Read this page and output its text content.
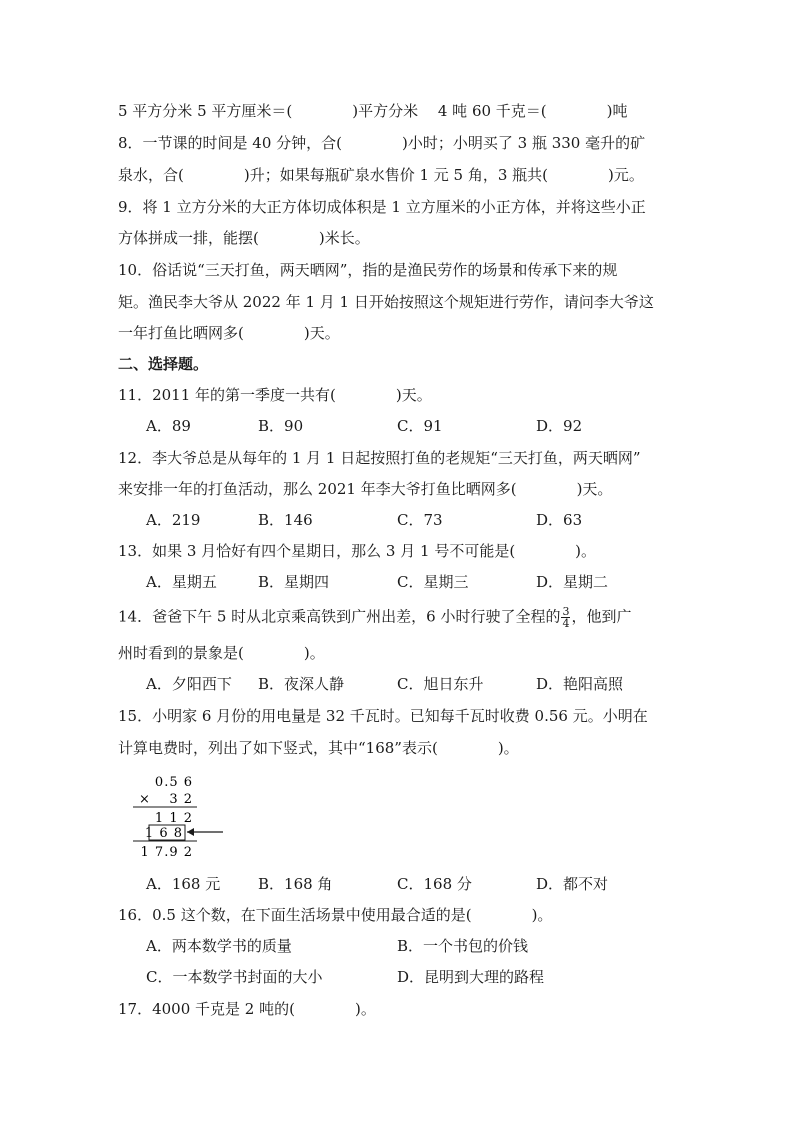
5 平方分米 5 平方厘米＝(　　　　)平方分米　 4 吨 60 千克＝(　　　　)吨
8．一节课的时间是 40 分钟，合(　　　　)小时；小明买了 3 瓶 330 毫升的矿
泉水，合(　　　　)升；如果每瓶矿泉水售价 1 元 5 角，3 瓶共(　　　　)元。
9．将 1 立方分米的大正方体切成体积是 1 立方厘米的小正方体，并将这些小正
方体拼成一排，能摆(　　　　)米长。
10．俗话说“三天打鱼，两天晒网”，指的是渔民劳作的场景和传承下来的规
矩。渔民李大爷从 2022 年 1 月 1 日开始按照这个规矩进行劳作，请问李大爷这
一年打鱼比晒网多(　　　　)天。
二、选择题。
11．2011 年的第一季度一共有(　　　　)天。
A．89	B．90	C．91	D．92
12．李大爷总是从每年的 1 月 1 日起按照打鱼的老规矩“三天打鱼，两天晒网”
来安排一年的打鱼活动，那么 2021 年李大爷打鱼比晒网多(　　　　)天。
A．219	B．146	C．73	D．63
13．如果 3 月恰好有四个星期日，那么 3 月 1 号不可能是(　　　　)。
A．星期五	B．星期四	C．星期三	D．星期二
14．爸爸下午 5 时从北京乘高铁到广州出差，6 小时行驶了全程的 $\frac{3}{4}$ ，他到广
州时看到的景象是(　　　　)。
A．夕阳西下 B．夜深人静	C．旭日东升	D．艳阳高照
15．小明家 6 月份的用电量是 32 千瓦时。已知每千瓦时收费 0.56 元。小明在
计算电费时，列出了如下竖式，其中“168”表示(　　　　)。
0.5 6
× 3 2
1 1 2
1 6 8
1 7.9 2
A．168 元	B．168 角	C．168 分	D．都不对
16．0.5 这个数，在下面生活场景中使用最合适的是(　　　　)。
A．两本数学书的质量	B．一个书包的价钱
C．一本数学书封面的大小	D．昆明到大理的路程
17．4000 千克是 2 吨的(　　　　)。
